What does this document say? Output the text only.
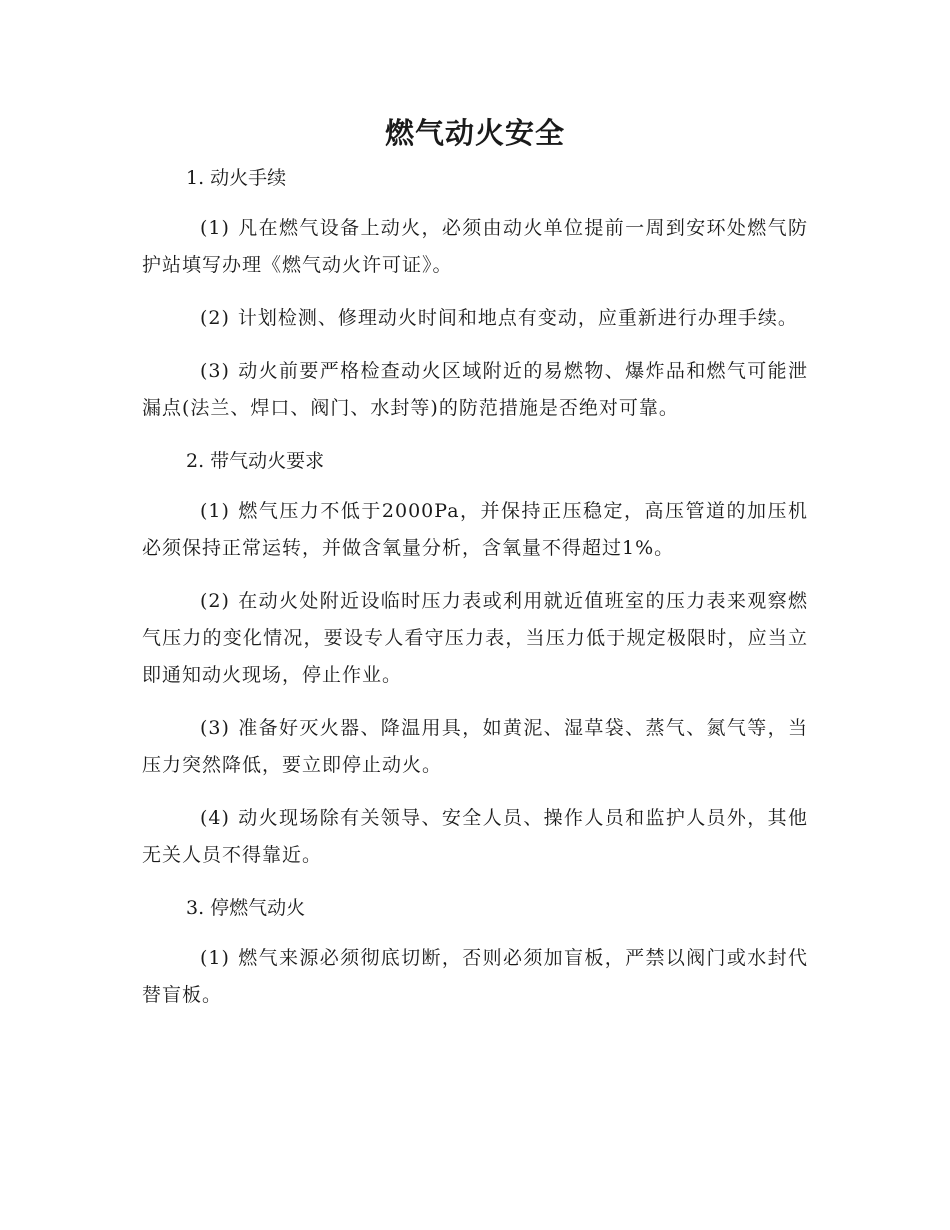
燃气动火安全

1. 动火手续

(1) 凡在燃气设备上动火，必须由动火单位提前一周到安环处燃气防护站填写办理《燃气动火许可证》。

(2) 计划检测、修理动火时间和地点有变动，应重新进行办理手续。

(3) 动火前要严格检查动火区域附近的易燃物、爆炸品和燃气可能泄漏点(法兰、焊口、阀门、水封等)的防范措施是否绝对可靠。

2. 带气动火要求

(1) 燃气压力不低于2000Pa，并保持正压稳定，高压管道的加压机必须保持正常运转，并做含氧量分析，含氧量不得超过1%。

(2) 在动火处附近设临时压力表或利用就近值班室的压力表来观察燃气压力的变化情况，要设专人看守压力表，当压力低于规定极限时，应当立即通知动火现场，停止作业。

(3) 准备好灭火器、降温用具，如黄泥、湿草袋、蒸气、氮气等，当压力突然降低，要立即停止动火。

(4) 动火现场除有关领导、安全人员、操作人员和监护人员外，其他无关人员不得靠近。

3. 停燃气动火

(1) 燃气来源必须彻底切断，否则必须加盲板，严禁以阀门或水封代替盲板。
